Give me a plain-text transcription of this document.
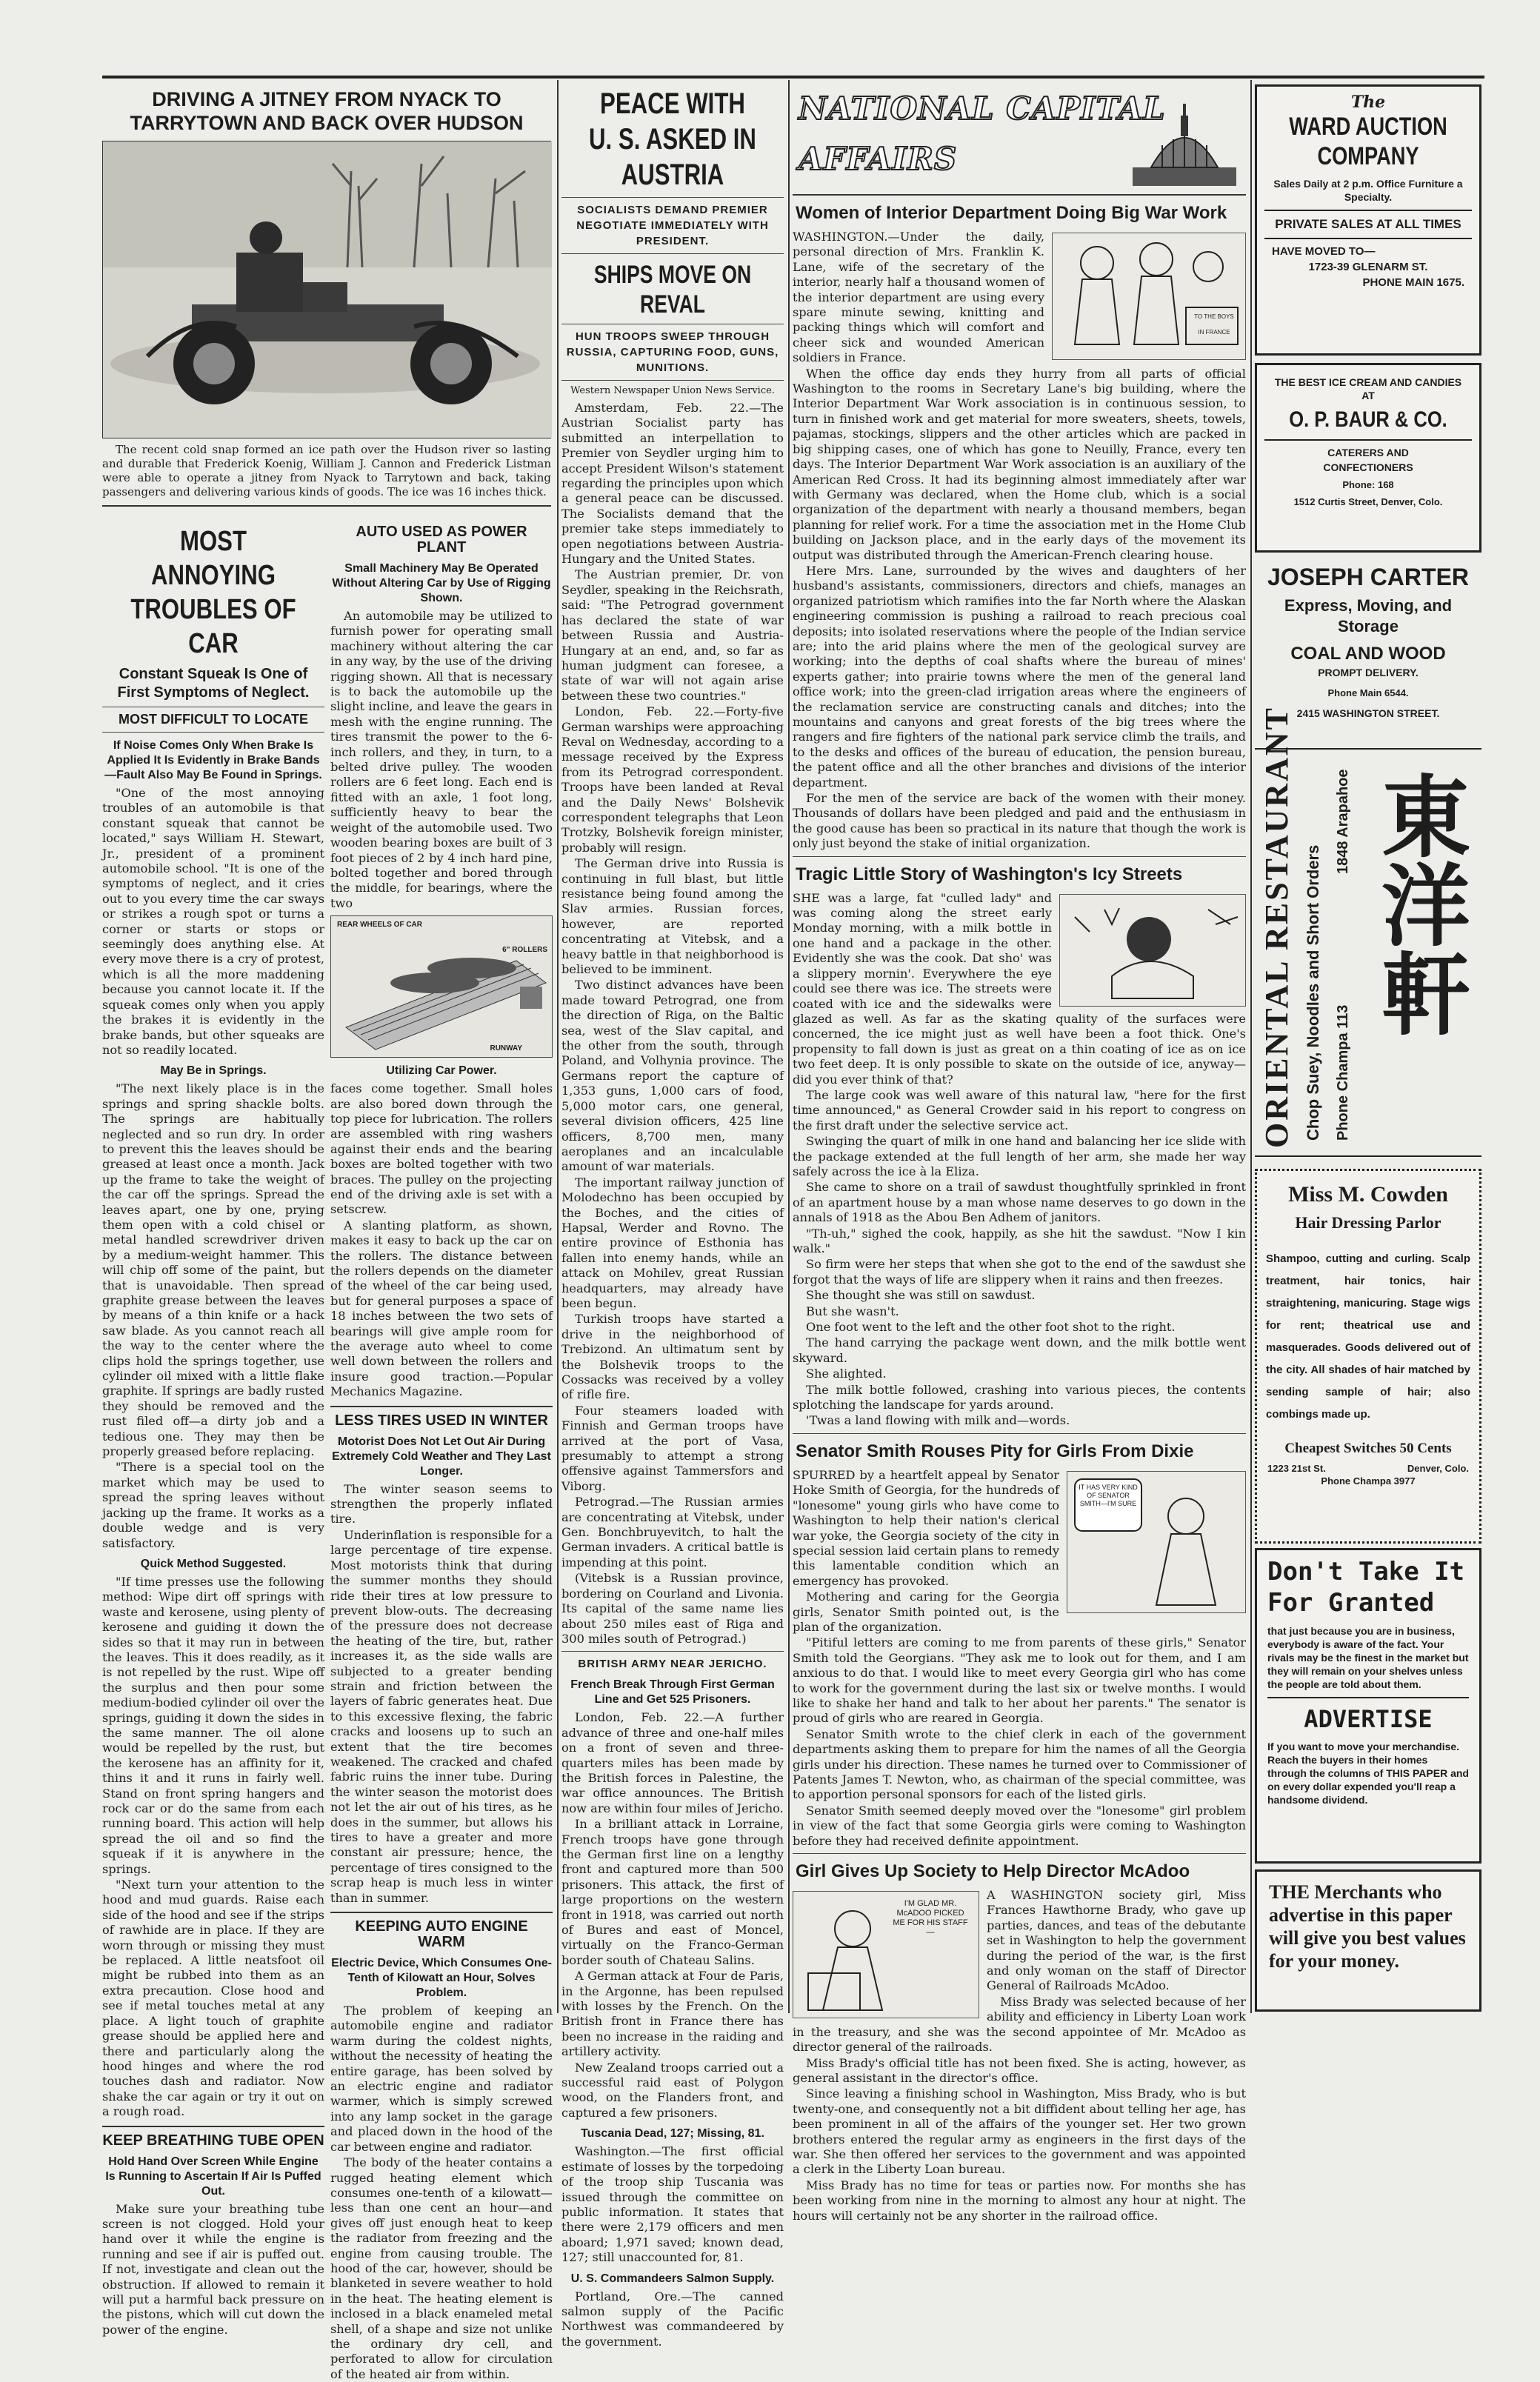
DRIVING A JITNEY FROM NYACK TO TARRYTOWN AND BACK OVER HUDSON
The recent cold snap formed an ice path over the Hudson river so lasting and durable that Frederick Koenig, William J. Cannon and Frederick Listman were able to operate a jitney from Nyack to Tarrytown and back, taking passengers and delivering various kinds of goods. The ice was 16 inches thick.
MOST ANNOYING TROUBLES OF CAR
Constant Squeak Is One of First Symptoms of Neglect.
MOST DIFFICULT TO LOCATE
If Noise Comes Only When Brake Is Applied It Is Evidently in Brake Bands—Fault Also May Be Found in Springs.

"One of the most annoying troubles of an automobile is that constant squeak that cannot be located," says William H. Stewart, Jr., president of a prominent automobile school. "It is one of the symptoms of neglect, and it cries out to you every time the car sways or strikes a rough spot or turns a corner or starts or stops or seemingly does anything else. At every move there is a cry of protest, which is all the more maddening because you cannot locate it. If the squeak comes only when you apply the brakes it is evidently in the brake bands, but other squeaks are not so readily located.

May Be in Springs.

"The next likely place is in the springs and spring shackle bolts. The springs are habitually neglected and so run dry. In order to prevent this the leaves should be greased at least once a month. Jack up the frame to take the weight of the car off the springs. Spread the leaves apart, one by one, prying them open with a cold chisel or metal handled screwdriver driven by a medium-weight hammer. This will chip off some of the paint, but that is unavoidable. Then spread graphite grease between the leaves by means of a thin knife or a hack saw blade. As you cannot reach all the way to the center where the clips hold the springs together, use cylinder oil mixed with a little flake graphite. If springs are badly rusted they should be removed and the rust filed off—a dirty job and a tedious one. They may then be properly greased before replacing.

"There is a special tool on the market which may be used to spread the spring leaves without jacking up the frame. It works as a double wedge and is very satisfactory.

Quick Method Suggested.

"If time presses use the following method: Wipe dirt off springs with waste and kerosene, using plenty of kerosene and guiding it down the sides so that it may run in between the leaves. This it does readily, as it is not repelled by the rust. Wipe off the surplus and then pour some medium-bodied cylinder oil over the springs, guiding it down the sides in the same manner. The oil alone would be repelled by the rust, but the kerosene has an affinity for it, thins it and it runs in fairly well. Stand on front spring hangers and rock car or do the same from each running board. This action will help spread the oil and so find the squeak if it is anywhere in the springs.

"Next turn your attention to the hood and mud guards. Raise each side of the hood and see if the strips of rawhide are in place. If they are worn through or missing they must be replaced. A little neatsfoot oil might be rubbed into them as an extra precaution. Close hood and see if metal touches metal at any place. A light touch of graphite grease should be applied here and there and particularly along the hood hinges and where the rod touches dash and radiator. Now shake the car again or try it out on a rough road.

KEEP BREATHING TUBE OPEN
Hold Hand Over Screen While Engine Is Running to Ascertain If Air Is Puffed Out.

Make sure your breathing tube screen is not clogged. Hold your hand over it while the engine is running and see if air is puffed out. If not, investigate and clean out the obstruction. If allowed to remain it will put a harmful back pressure on the pistons, which will cut down the power of the engine.

AUTO USED AS POWER PLANT
Small Machinery May Be Operated Without Altering Car by Use of Rigging Shown.

An automobile may be utilized to furnish power for operating small machinery without altering the car in any way, by the use of the driving rigging shown. All that is necessary is to back the automobile up the slight incline, and leave the gears in mesh with the engine running. The tires transmit the power to the 6-inch rollers, and they, in turn, to a belted drive pulley. The wooden rollers are 6 feet long. Each end is fitted with an axle, 1 foot long, sufficiently heavy to bear the weight of the automobile used. Two wooden bearing boxes are built of 3 foot pieces of 2 by 4 inch hard pine, bolted together and bored through the middle, for bearings, where the two

REAR WHEELS OF CAR
6" ROLLERS
RUNWAY
Utilizing Car Power.

faces come together. Small holes are also bored down through the top piece for lubrication. The rollers are assembled with ring washers against their ends and the bearing boxes are bolted together with two braces. The pulley on the projecting end of the driving axle is set with a setscrew.

A slanting platform, as shown, makes it easy to back up the car on the rollers. The distance between the rollers depends on the diameter of the wheel of the car being used, but for general purposes a space of 18 inches between the two sets of bearings will give ample room for the average auto wheel to come well down between the rollers and insure good traction.—Popular Mechanics Magazine.

LESS TIRES USED IN WINTER
Motorist Does Not Let Out Air During Extremely Cold Weather and They Last Longer.

The winter season seems to strengthen the properly inflated tire.

Underinflation is responsible for a large percentage of tire expense. Most motorists think that during the summer months they should ride their tires at low pressure to prevent blow-outs. The decreasing of the pressure does not decrease the heating of the tire, but, rather increases it, as the side walls are subjected to a greater bending strain and friction between the layers of fabric generates heat. Due to this excessive flexing, the fabric cracks and loosens up to such an extent that the tire becomes weakened. The cracked and chafed fabric ruins the inner tube. During the winter season the motorist does not let the air out of his tires, as he does in the summer, but allows his tires to have a greater and more constant air pressure; hence, the percentage of tires consigned to the scrap heap is much less in winter than in summer.

KEEPING AUTO ENGINE WARM
Electric Device, Which Consumes One-Tenth of Kilowatt an Hour, Solves Problem.

The problem of keeping an automobile engine and radiator warm during the coldest nights, without the necessity of heating the entire garage, has been solved by an electric engine and radiator warmer, which is simply screwed into any lamp socket in the garage and placed down in the hood of the car between engine and radiator.

The body of the heater contains a rugged heating element which consumes one-tenth of a kilowatt—less than one cent an hour—and gives off just enough heat to keep the radiator from freezing and the engine from causing trouble. The hood of the car, however, should be blanketed in severe weather to hold in the heat. The heating element is inclosed in a black enameled metal shell, of a shape and size not unlike the ordinary dry cell, and perforated to allow for circulation of the heated air from within.

PEACE WITH U. S. ASKED IN AUSTRIA
SOCIALISTS DEMAND PREMIER NEGOTIATE IMMEDIATELY WITH PRESIDENT.
SHIPS MOVE ON REVAL
HUN TROOPS SWEEP THROUGH RUSSIA, CAPTURING FOOD, GUNS, MUNITIONS.
Western Newspaper Union News Service.

Amsterdam, Feb. 22.—The Austrian Socialist party has submitted an interpellation to Premier von Seydler urging him to accept President Wilson's statement regarding the principles upon which a general peace can be discussed. The Socialists demand that the premier take steps immediately to open negotiations between Austria-Hungary and the United States.

The Austrian premier, Dr. von Seydler, speaking in the Reichsrath, said: "The Petrograd government has declared the state of war between Russia and Austria-Hungary at an end, and, so far as human judgment can foresee, a state of war will not again arise between these two countries."

London, Feb. 22.—Forty-five German warships were approaching Reval on Wednesday, according to a message received by the Express from its Petrograd correspondent. Troops have been landed at Reval and the Daily News' Bolshevik correspondent telegraphs that Leon Trotzky, Bolshevik foreign minister, probably will resign.

The German drive into Russia is continuing in full blast, but little resistance being found among the Slav armies. Russian forces, however, are reported concentrating at Vitebsk, and a heavy battle in that neighborhood is believed to be imminent.

Two distinct advances have been made toward Petrograd, one from the direction of Riga, on the Baltic sea, west of the Slav capital, and the other from the south, through Poland, and Volhynia province. The Germans report the capture of 1,353 guns, 1,000 cars of food, 5,000 motor cars, one general, several division officers, 425 line officers, 8,700 men, many aeroplanes and an incalculable amount of war materials.

The important railway junction of Molodechno has been occupied by the Boches, and the cities of Hapsal, Werder and Rovno. The entire province of Esthonia has fallen into enemy hands, while an attack on Mohilev, great Russian headquarters, may already have been begun.

Turkish troops have started a drive in the neighborhood of Trebizond. An ultimatum sent by the Bolshevik troops to the Cossacks was received by a volley of rifle fire.

Four steamers loaded with Finnish and German troops have arrived at the port of Vasa, presumably to attempt a strong offensive against Tammersfors and Viborg.

Petrograd.—The Russian armies are concentrating at Vitebsk, under Gen. Bonchbruyevitch, to halt the German invaders. A critical battle is impending at this point.

(Vitebsk is a Russian province, bordering on Courland and Livonia. Its capital of the same name lies about 250 miles east of Riga and 300 miles south of Petrograd.)

BRITISH ARMY NEAR JERICHO.
French Break Through First German Line and Get 525 Prisoners.

London, Feb. 22.—A further advance of three and one-half miles on a front of seven and three-quarters miles has been made by the British forces in Palestine, the war office announces. The British now are within four miles of Jericho.

In a brilliant attack in Lorraine, French troops have gone through the German first line on a lengthy front and captured more than 500 prisoners. This attack, the first of large proportions on the western front in 1918, was carried out north of Bures and east of Moncel, virtually on the Franco-German border south of Chateau Salins.

A German attack at Four de Paris, in the Argonne, has been repulsed with losses by the French. On the British front in France there has been no increase in the raiding and artillery activity.

New Zealand troops carried out a successful raid east of Polygon wood, on the Flanders front, and captured a few prisoners.

Tuscania Dead, 127; Missing, 81.

Washington.—The first official estimate of losses by the torpedoing of the troop ship Tuscania was issued through the committee on public information. It states that there were 2,179 officers and men aboard; 1,971 saved; known dead, 127; still unaccounted for, 81.

U. S. Commandeers Salmon Supply.

Portland, Ore.—The canned salmon supply of the Pacific Northwest was commandeered by the government.

NATIONAL CAPITAL
AFFAIRS
Women of Interior Department Doing Big War Work
TO THE BOYS IN FRANCE

WASHINGTON.—Under the daily, personal direction of Mrs. Franklin K. Lane, wife of the secretary of the interior, nearly half a thousand women of the interior department are using every spare minute sewing, knitting and packing things which will comfort and cheer sick and wounded American soldiers in France.

When the office day ends they hurry from all parts of official Washington to the rooms in Secretary Lane's big building, where the Interior Department War Work association is in continuous session, to turn in finished work and get material for more sweaters, sheets, towels, pajamas, stockings, slippers and the other articles which are packed in big shipping cases, one of which has gone to Neuilly, France, every ten days. The Interior Department War Work association is an auxiliary of the American Red Cross. It had its beginning almost immediately after war with Germany was declared, when the Home club, which is a social organization of the department with nearly a thousand members, began planning for relief work. For a time the association met in the Home Club building on Jackson place, and in the early days of the movement its output was distributed through the American-French clearing house.

Here Mrs. Lane, surrounded by the wives and daughters of her husband's assistants, commissioners, directors and chiefs, manages an organized patriotism which ramifies into the far North where the Alaskan engineering commission is pushing a railroad to reach precious coal deposits; into isolated reservations where the people of the Indian service are; into the arid plains where the men of the geological survey are working; into the depths of coal shafts where the bureau of mines' experts gather; into prairie towns where the men of the general land office work; into the green-clad irrigation areas where the engineers of the reclamation service are constructing canals and ditches; into the mountains and canyons and great forests of the big trees where the rangers and fire fighters of the national park service climb the trails, and to the desks and offices of the bureau of education, the pension bureau, the patent office and all the other branches and divisions of the interior department.

For the men of the service are back of the women with their money. Thousands of dollars have been pledged and paid and the enthusiasm in the good cause has been so practical in its nature that though the work is only just beyond the stake of initial organization.

Tragic Little Story of Washington's Icy Streets

SHE was a large, fat "culled lady" and was coming along the street early Monday morning, with a milk bottle in one hand and a package in the other. Evidently she was the cook. Dat sho' was a slippery mornin'. Everywhere the eye could see there was ice. The streets were coated with ice and the sidewalks were glazed as well. As far as the skating quality of the surfaces were concerned, the ice might just as well have been a foot thick. One's propensity to fall down is just as great on a thin coating of ice as on ice two feet deep. It is only possible to skate on the outside of ice, anyway—did you ever think of that?

The large cook was well aware of this natural law, "here for the first time announced," as General Crowder said in his report to congress on the first draft under the selective service act.

Swinging the quart of milk in one hand and balancing her ice slide with the package extended at the full length of her arm, she made her way safely across the ice à la Eliza.

She came to shore on a trail of sawdust thoughtfully sprinkled in front of an apartment house by a man whose name deserves to go down in the annals of 1918 as the Abou Ben Adhem of janitors.

"Th-uh," sighed the cook, happily, as she hit the sawdust. "Now I kin walk."

So firm were her steps that when she got to the end of the sawdust she forgot that the ways of life are slippery when it rains and then freezes.

She thought she was still on sawdust.

But she wasn't.

One foot went to the left and the other foot shot to the right.

The hand carrying the package went down, and the milk bottle went skyward.

She alighted.

The milk bottle followed, crashing into various pieces, the contents splotching the landscape for yards around.

'Twas a land flowing with milk and—words.

Senator Smith Rouses Pity for Girls From Dixie
IT HAS VERY KIND OF SENATOR SMITH—I'M SURE

SPURRED by a heartfelt appeal by Senator Hoke Smith of Georgia, for the hundreds of "lonesome" young girls who have come to Washington to help their nation's clerical war yoke, the Georgia society of the city in special session laid certain plans to remedy this lamentable condition which an emergency has provoked.

Mothering and caring for the Georgia girls, Senator Smith pointed out, is the plan of the organization.

"Pitiful letters are coming to me from parents of these girls," Senator Smith told the Georgians. "They ask me to look out for them, and I am anxious to do that. I would like to meet every Georgia girl who has come to work for the government during the last six or twelve months. I would like to shake her hand and talk to her about her parents." The senator is proud of girls who are reared in Georgia.

Senator Smith wrote to the chief clerk in each of the government departments asking them to prepare for him the names of all the Georgia girls under his direction. These names he turned over to Commissioner of Patents James T. Newton, who, as chairman of the special committee, was to apportion personal sponsors for each of the listed girls.

Senator Smith seemed deeply moved over the "lonesome" girl problem in view of the fact that some Georgia girls were coming to Washington before they had received definite appointment.

Girl Gives Up Society to Help Director McAdoo
I'M GLAD MR. McADOO PICKED ME FOR HIS STAFF—

A WASHINGTON society girl, Miss Frances Hawthorne Brady, who gave up parties, dances, and teas of the debutante set in Washington to help the government during the period of the war, is the first and only woman on the staff of Director General of Railroads McAdoo.

Miss Brady was selected because of her ability and efficiency in Liberty Loan work in the treasury, and she was the second appointee of Mr. McAdoo as director general of the railroads.

Miss Brady's official title has not been fixed. She is acting, however, as general assistant in the director's office.

Since leaving a finishing school in Washington, Miss Brady, who is but twenty-one, and consequently not a bit diffident about telling her age, has been prominent in all of the affairs of the younger set. Her two grown brothers entered the regular army as engineers in the first days of the war. She then offered her services to the government and was appointed a clerk in the Liberty Loan bureau.

Miss Brady has no time for teas or parties now. For months she has been working from nine in the morning to almost any hour at night. The hours will certainly not be any shorter in the railroad office.

The
WARD AUCTION COMPANY
Sales Daily at 2 p.m. Office Furniture a Specialty.
PRIVATE SALES AT ALL TIMES
HAVE MOVED TO—
1723-39 GLENARM ST.
PHONE MAIN 1675.
THE BEST ICE CREAM AND CANDIES AT
O. P. BAUR & CO.
CATERERS AND
CONFECTIONERS
Phone: 168
1512 Curtis Street, Denver, Colo.
JOSEPH CARTER
Express, Moving, and Storage
COAL AND WOOD
PROMPT DELIVERY.
Phone Main 6544.
2415 WASHINGTON STREET.
ORIENTAL RESTAURANT Chop Suey, Noodles and Short Orders Phone Champa 113
1848 Arapahoe 東洋軒
Miss M. Cowden
Hair Dressing Parlor
Shampoo, cutting and curling. Scalp treatment, hair tonics, hair straightening, manicuring. Stage wigs for rent; theatrical use and masquerades. Goods delivered out of the city. All shades of hair matched by sending sample of hair; also combings made up.
Cheapest Switches 50 Cents
1223 21st St.	Denver, Colo.
Phone Champa 3977
Don't Take It For Granted
that just because you are in business, everybody is aware of the fact. Your rivals may be the finest in the market but they will remain on your shelves unless the people are told about them.
ADVERTISE
If you want to move your merchandise. Reach the buyers in their homes through the columns of THIS PAPER and on every dollar expended you'll reap a handsome dividend.
THE Merchants who advertise in this paper will give you best values for your money.
